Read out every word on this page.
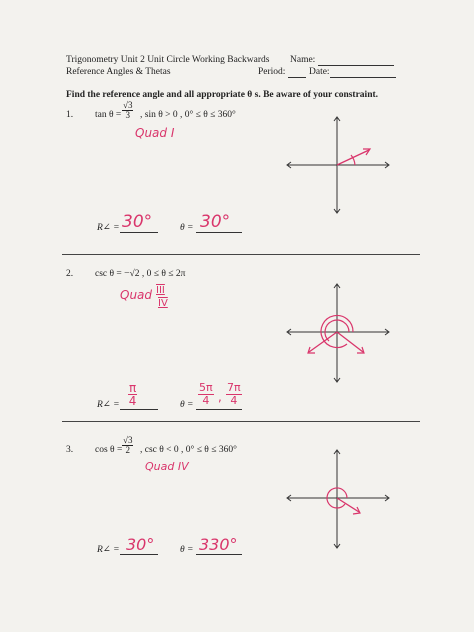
Trigonometry Unit 2 Unit Circle Working Backwards Name:
Reference Angles & Thetas	Period: Date:
Find the reference angle and all appropriate θ s. Be aware of your constraint.
1. $\tan \theta = \frac{√3}{3}$ , sin θ > 0 , 0° ≤ θ ≤ 360°
Quad I
R∠ = 30°	θ = 30°
2. csc θ = −√2 , 0 ≤ θ ≤ 2π
Quad III
IV
R∠ = $\frac{\pi}{4}$	$\theta = \frac{5\pi}{4}$ , $\frac{7\pi}{4}$
3. $\cos \theta = \frac{√3}{2}$ , csc θ < 0 , 0° ≤ θ ≤ 360°
Quad IV
R∠ = 30°	θ = 330°
